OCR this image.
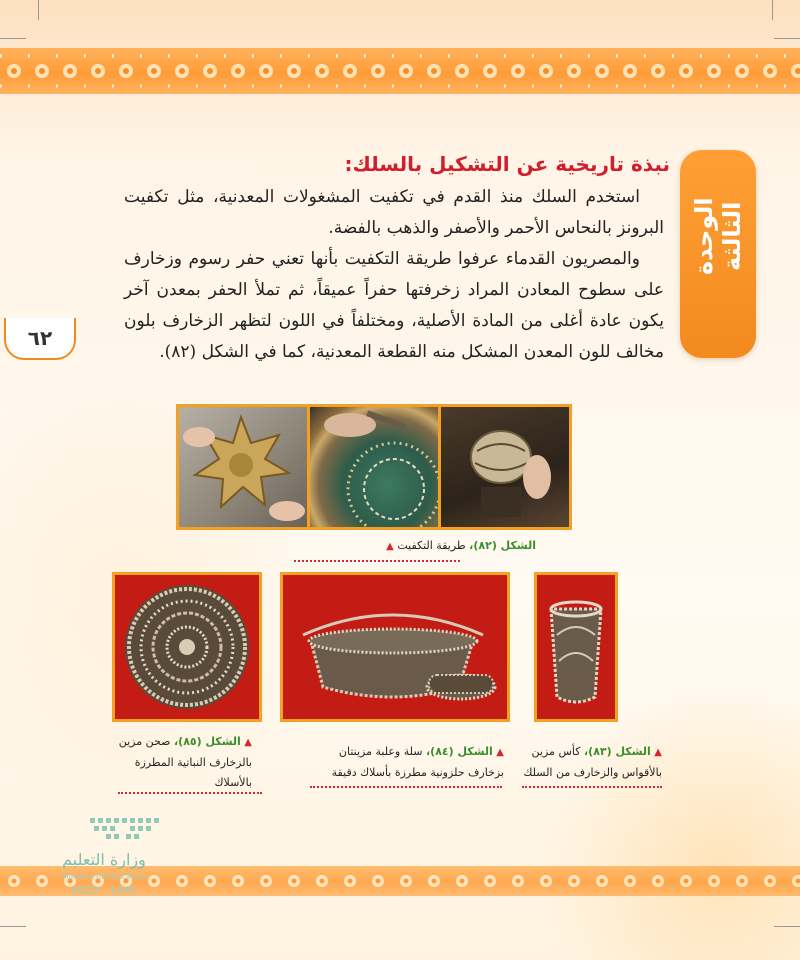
الوحدة الثالثة
٦٢
نبذة تاريخية عن التشكيل بالسلك:
استخدم السلك منذ القدم في تكفيت المشغولات المعدنية، مثل تكفيت البرونز بالنحاس الأحمر والأصفر والذهب بالفضة.
والمصريون القدماء عرفوا طريقة التكفيت بأنها تعني حفر رسوم وزخارف على سطوح المعادن المراد زخرفتها حفراً عميقاً، ثم تملأ الحفر بمعدن آخر يكون عادة أغلى من المادة الأصلية، ومختلفاً في اللون لتظهر الزخارف بلون مخالف للون المعدن المشكل منه القطعة المعدنية، كما في الشكل (٨٢).
الشكل (٨٢)، طريقة التكفيت ▲
▲ الشكل (٨٥)، صحن مزين
بالزخارف النباتية المطرزة
بالأسلاك
▲ الشكل (٨٤)، سلة وعلبة مزينتان
بزخارف حلزونية مطرزة بأسلاك دقيقة
▲ الشكل (٨٣)، كأس مزين
بالأقواس والزخارف من السلك
وزارة التعليم
Ministry of Education
2023 - 1445
